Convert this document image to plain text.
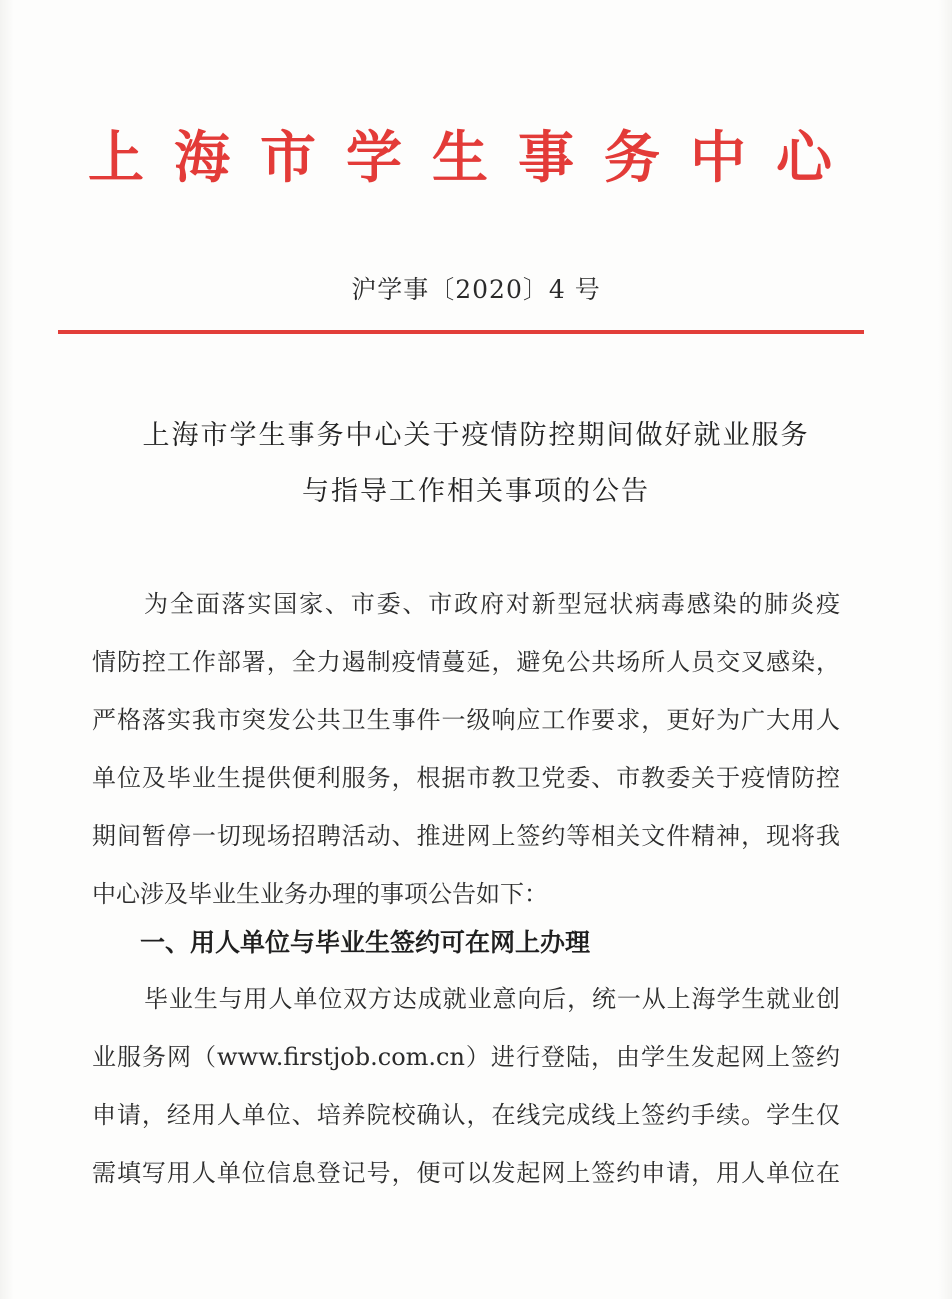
上海市学生事务中心
沪学事〔2020〕4 号
上海市学生事务中心关于疫情防控期间做好就业服务
与指导工作相关事项的公告
为全面落实国家、市委、市政府对新型冠状病毒感染的肺炎疫
情防控工作部署，全力遏制疫情蔓延，避免公共场所人员交叉感染，
严格落实我市突发公共卫生事件一级响应工作要求，更好为广大用人
单位及毕业生提供便利服务，根据市教卫党委、市教委关于疫情防控
期间暂停一切现场招聘活动、推进网上签约等相关文件精神，现将我
中心涉及毕业生业务办理的事项公告如下：
一、用人单位与毕业生签约可在网上办理
毕业生与用人单位双方达成就业意向后，统一从上海学生就业创
业服务网（www.firstjob.com.cn）进行登陆，由学生发起网上签约
申请，经用人单位、培养院校确认，在线完成线上签约手续。学生仅
需填写用人单位信息登记号，便可以发起网上签约申请，用人单位在
